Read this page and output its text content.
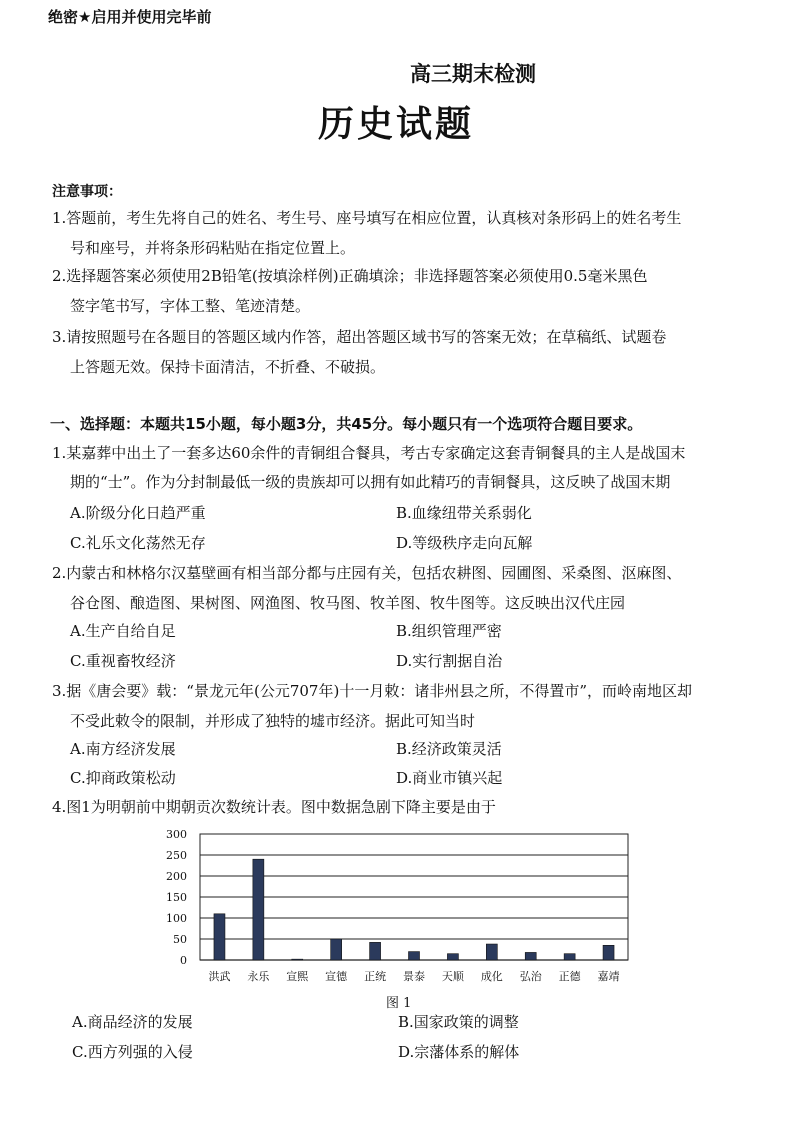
绝密★启用并使用完毕前
高三期末检测
历史试题
注意事项：
1.答题前，考生先将自己的姓名、考生号、座号填写在相应位置，认真核对条形码上的姓名考生
号和座号，并将条形码粘贴在指定位置上。
2.选择题答案必须使用2B铅笔(按填涂样例)正确填涂；非选择题答案必须使用0.5毫米黑色
签字笔书写，字体工整、笔迹清楚。
3.请按照题号在各题目的答题区域内作答，超出答题区域书写的答案无效；在草稿纸、试题卷
上答题无效。保持卡面清洁，不折叠、不破损。
一、选择题：本题共15小题，每小题3分，共45分。每小题只有一个选项符合题目要求。
1.某嘉葬中出土了一套多达60余件的青铜组合餐具，考古专家确定这套青铜餐具的主人是战国末
期的“士”。作为分封制最低一级的贵族却可以拥有如此精巧的青铜餐具，这反映了战国末期
A.阶级分化日趋严重	B.血缘纽带关系弱化
C.礼乐文化荡然无存	D.等级秩序走向瓦解
2.内蒙古和林格尔汉墓壁画有相当部分都与庄园有关，包括农耕图、园圃图、采桑图、沤麻图、
谷仓图、酿造图、果树图、网渔图、牧马图、牧羊图、牧牛图等。这反映出汉代庄园
A.生产自给自足	B.组织管理严密
C.重视畜牧经济	D.实行割据自治
3.据《唐会要》载：“景龙元年(公元707年)十一月敕：诸非州县之所，不得置市”，而岭南地区却
不受此敕令的限制，并形成了独特的墟市经济。据此可知当时
A.南方经济发展	B.经济政策灵活
C.抑商政策松动	D.商业市镇兴起
4.图1为明朝前中期朝贡次数统计表。图中数据急剧下降主要是由于
0
50
100
150
200
250
300
洪武 永乐 宣熙 宣德 正统 景泰 天顺 成化 弘治 正德 嘉靖
图 1
A.商品经济的发展	B.国家政策的调整
C.西方列强的入侵	D.宗藩体系的解体
